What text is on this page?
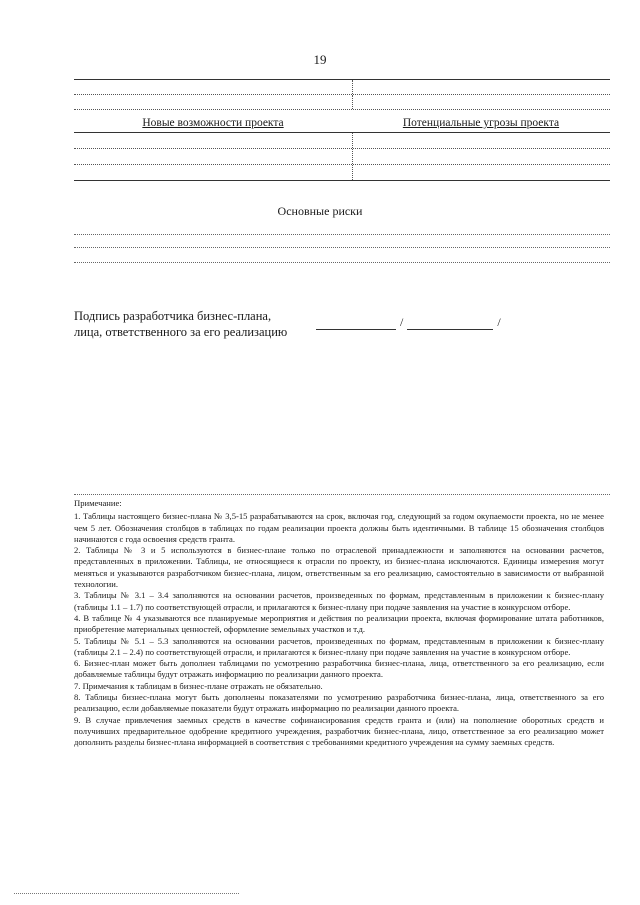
19
Новые возможности проекта	Потенциальные угрозы проекта
Основные риски
Подпись разработчика бизнес-плана,
лица, ответственного за его реализацию
/	/
Примечание:

1. Таблицы настоящего бизнес-плана № 3,5-15 разрабатываются на срок, включая год, следующий за годом окупаемости проекта, но не менее чем 5 лет. Обозначения столбцов в таблицах по годам реализации проекта должны быть идентичными. В таблице 15 обозначения столбцов начинаются с года освоения средств гранта.

2. Таблицы № 3 и 5 используются в бизнес-плане только по отраслевой принадлежности и заполняются на основании расчетов, представленных в приложении. Таблицы, не относящиеся к отрасли по проекту, из бизнес-плана исключаются. Единицы измерения могут меняться и указываются разработчиком бизнес-плана, лицом, ответственным за его реализацию, самостоятельно в зависимости от выбранной технологии.

3. Таблицы № 3.1 – 3.4 заполняются на основании расчетов, произведенных по формам, представленным в приложении к бизнес-плану (таблицы 1.1 – 1.7) по соответствующей отрасли, и прилагаются к бизнес-плану при подаче заявления на участие в конкурсном отборе.

4. В таблице № 4 указываются все планируемые мероприятия и действия по реализации проекта, включая формирование штата работников, приобретение материальных ценностей, оформление земельных участков и т.д.

5. Таблицы № 5.1 – 5.3 заполняются на основании расчетов, произведенных по формам, представленным в приложении к бизнес-плану (таблицы 2.1 – 2.4) по соответствующей отрасли, и прилагаются к бизнес-плану при подаче заявления на участие в конкурсном отборе.

6. Бизнес-план может быть дополнен таблицами по усмотрению разработчика бизнес-плана, лица, ответственного за его реализацию, если добавляемые таблицы будут отражать информацию по реализации данного проекта.

7. Примечания к таблицам в бизнес-плане отражать не обязательно.

8. Таблицы бизнес-плана могут быть дополнены показателями по усмотрению разработчика бизнес-плана, лица, ответственного за его реализацию, если добавляемые показатели будут отражать информацию по реализации данного проекта.

9. В случае привлечения заемных средств в качестве софинансирования средств гранта и (или) на пополнение оборотных средств и получивших предварительное одобрение кредитного учреждения, разработчик бизнес-плана, лицо, ответственное за его реализацию может дополнить разделы бизнес-плана информацией в соответствия с требованиями кредитного учреждения на сумму заемных средств.
